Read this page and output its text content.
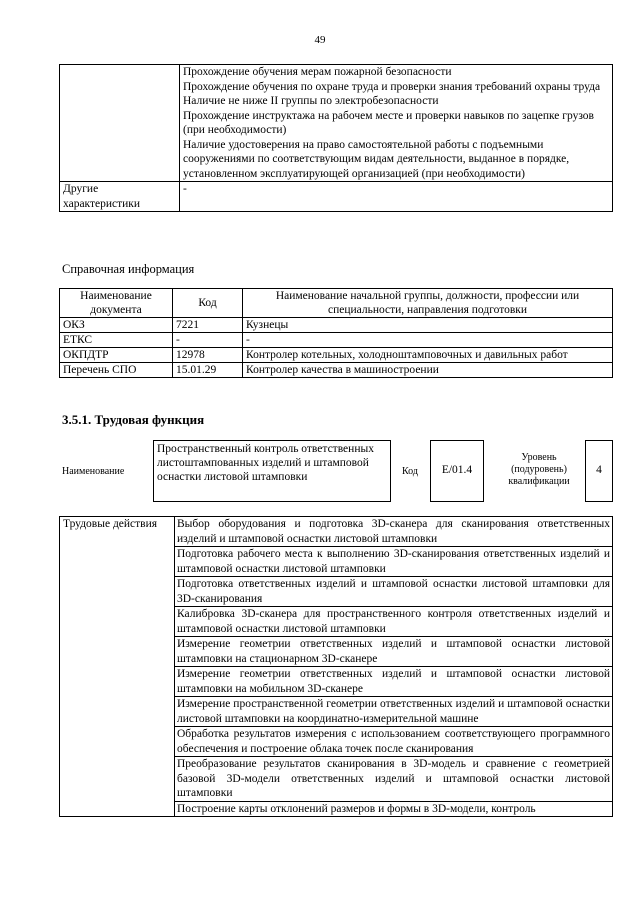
49

	Прохождение обучения мерам пожарной безопасности
Прохождение обучения по охране труда и проверки знания требований охраны труда
Наличие не ниже II группы по электробезопасности
Прохождение инструктажа на рабочем месте и проверки навыков по зацепке грузов (при необходимости)
Наличие удостоверения на право самостоятельной работы с подъемными сооружениями по соответствующим видам деятельности, выданное в порядке, установленном эксплуатирующей организацией (при необходимости)

Другие характеристики	-
Справочная информация
Наименование документа	Код	Наименование начальной группы, должности, профессии или специальности, направления подготовки
ОКЗ	7221	Кузнецы
ЕТКС	-	-
ОКПДТР	12978	Контролер котельных, холодноштамповочных и давильных работ
Перечень СПО	15.01.29	Контролер качества в машиностроении
3.5.1. Трудовая функция
Наименование
Пространственный контроль ответственных листоштампованных изделий и штамповой оснастки листовой штамповки	Код	E/01.4
Уровень (подуровень) квалификации
4
Трудовые действия	Выбор оборудования и подготовка 3D-сканера для сканирования ответственных изделий и штамповой оснастки листовой штамповки
Подготовка рабочего места к выполнению 3D-сканирования ответственных изделий и штамповой оснастки листовой штамповки
Подготовка ответственных изделий и штамповой оснастки листовой штамповки для 3D-сканирования
Калибровка 3D-сканера для пространственного контроля ответственных изделий и штамповой оснастки листовой штамповки
Измерение геометрии ответственных изделий и штамповой оснастки листовой штамповки на стационарном 3D-сканере
Измерение геометрии ответственных изделий и штамповой оснастки листовой штамповки на мобильном 3D-сканере
Измерение пространственной геометрии ответственных изделий и штамповой оснастки листовой штамповки на координатно-измерительной машине
Обработка результатов измерения с использованием соответствующего программного обеспечения и построение облака точек после сканирования
Преобразование результатов сканирования в 3D-модель и сравнение с геометрией базовой 3D-модели ответственных изделий и штамповой оснастки листовой штамповки
Построение карты отклонений размеров и формы в 3D-модели, контроль
